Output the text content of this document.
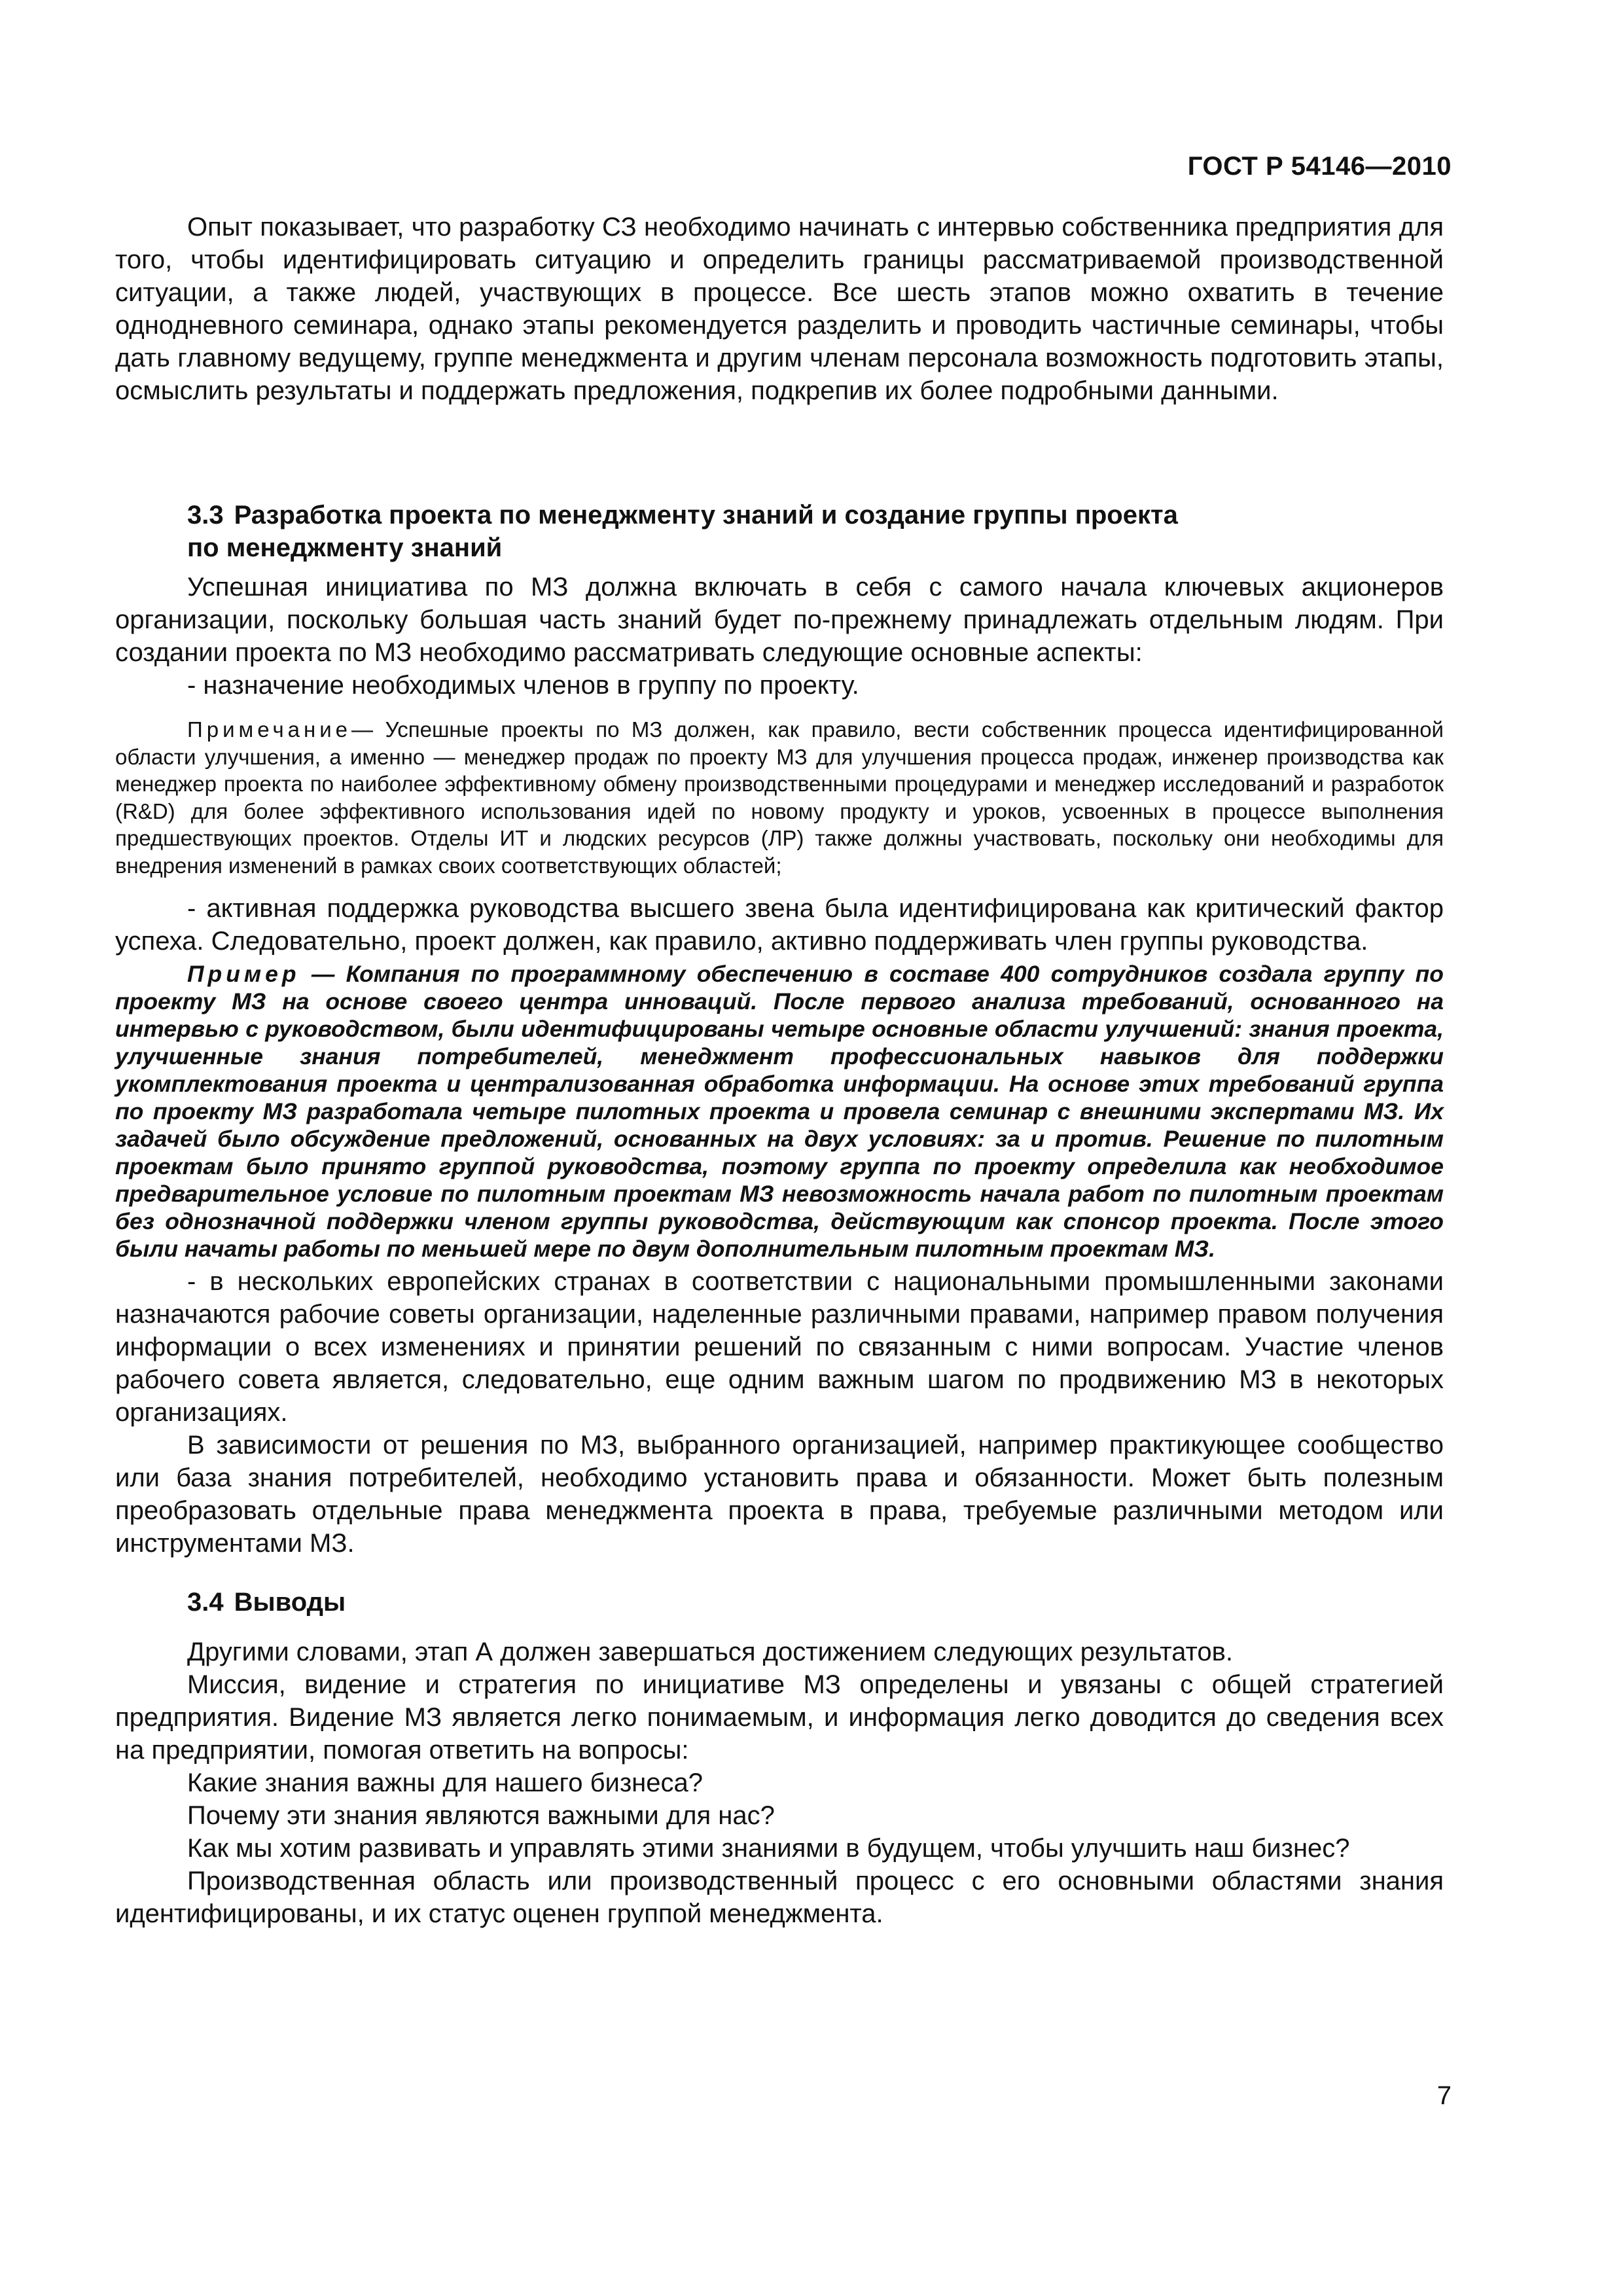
ГОСТ Р 54146—2010

Опыт показывает, что разработку СЗ необходимо начинать с интервью собственника предприятия для того, чтобы идентифицировать ситуацию и определить границы рассматриваемой производственной ситуации, а также людей, участвующих в процессе. Все шесть этапов можно охватить в течение однодневного семинара, однако этапы рекомендуется разделить и проводить частичные семинары, чтобы дать главному ведущему, группе менеджмента и другим членам персонала возможность подготовить этапы, осмыслить результаты и поддержать предложения, подкрепив их более подробными данными.

3.3 Разработка проекта по менеджменту знаний и создание группы проекта
по менеджменту знаний

Успешная инициатива по МЗ должна включать в себя с самого начала ключевых акционеров организации, поскольку большая часть знаний будет по-прежнему принадлежать отдельным людям. При создании проекта по МЗ необходимо рассматривать следующие основные аспекты:

- назначение необходимых членов в группу по проекту.

Примечание— Успешные проекты по МЗ должен, как правило, вести собственник процесса идентифицированной области улучшения, а именно — менеджер продаж по проекту МЗ для улучшения процесса продаж, инженер производства как менеджер проекта по наиболее эффективному обмену производственными процедурами и менеджер исследований и разработок (R&D) для более эффективного использования идей по новому продукту и уроков, усвоенных в процессе выполнения предшествующих проектов. Отделы ИТ и людских ресурсов (ЛР) также должны участвовать, поскольку они необходимы для внедрения изменений в рамках своих соответствующих областей;

- активная поддержка руководства высшего звена была идентифицирована как критический фактор успеха. Следовательно, проект должен, как правило, активно поддерживать член группы руководства.

Пример — Компания по программному обеспечению в составе 400 сотрудников создала группу по проекту МЗ на основе своего центра инноваций. После первого анализа требований, основанного на интервью с руководством, были идентифицированы четыре основные области улучшений: знания проекта, улучшенные знания потребителей, менеджмент профессиональных навыков для поддержки укомплектования проекта и централизованная обработка информации. На основе этих требований группа по проекту МЗ разработала четыре пилотных проекта и провела семинар с внешними экспертами МЗ. Их задачей было обсуждение предложений, основанных на двух условиях: за и против. Решение по пилотным проектам было принято группой руководства, поэтому группа по проекту определила как необходимое предварительное условие по пилотным проектам МЗ невозможность начала работ по пилотным проектам без однозначной поддержки членом группы руководства, действующим как спонсор проекта. После этого были начаты работы по меньшей мере по двум дополнительным пилотным проектам МЗ.

- в нескольких европейских странах в соответствии с национальными промышленными законами назначаются рабочие советы организации, наделенные различными правами, например правом получения информации о всех изменениях и принятии решений по связанным с ними вопросам. Участие членов рабочего совета является, следовательно, еще одним важным шагом по продвижению МЗ в некоторых организациях.

В зависимости от решения по МЗ, выбранного организацией, например практикующее сообщество или база знания потребителей, необходимо установить права и обязанности. Может быть полезным преобразовать отдельные права менеджмента проекта в права, требуемые различными методом или инструментами МЗ.

3.4 Выводы

Другими словами, этап А должен завершаться достижением следующих результатов.

Миссия, видение и стратегия по инициативе МЗ определены и увязаны с общей стратегией предприятия. Видение МЗ является легко понимаемым, и информация легко доводится до сведения всех на предприятии, помогая ответить на вопросы:

Какие знания важны для нашего бизнеса?

Почему эти знания являются важными для нас?

Как мы хотим развивать и управлять этими знаниями в будущем, чтобы улучшить наш бизнес?

Производственная область или производственный процесс с его основными областями знания идентифицированы, и их статус оценен группой менеджмента.

7
